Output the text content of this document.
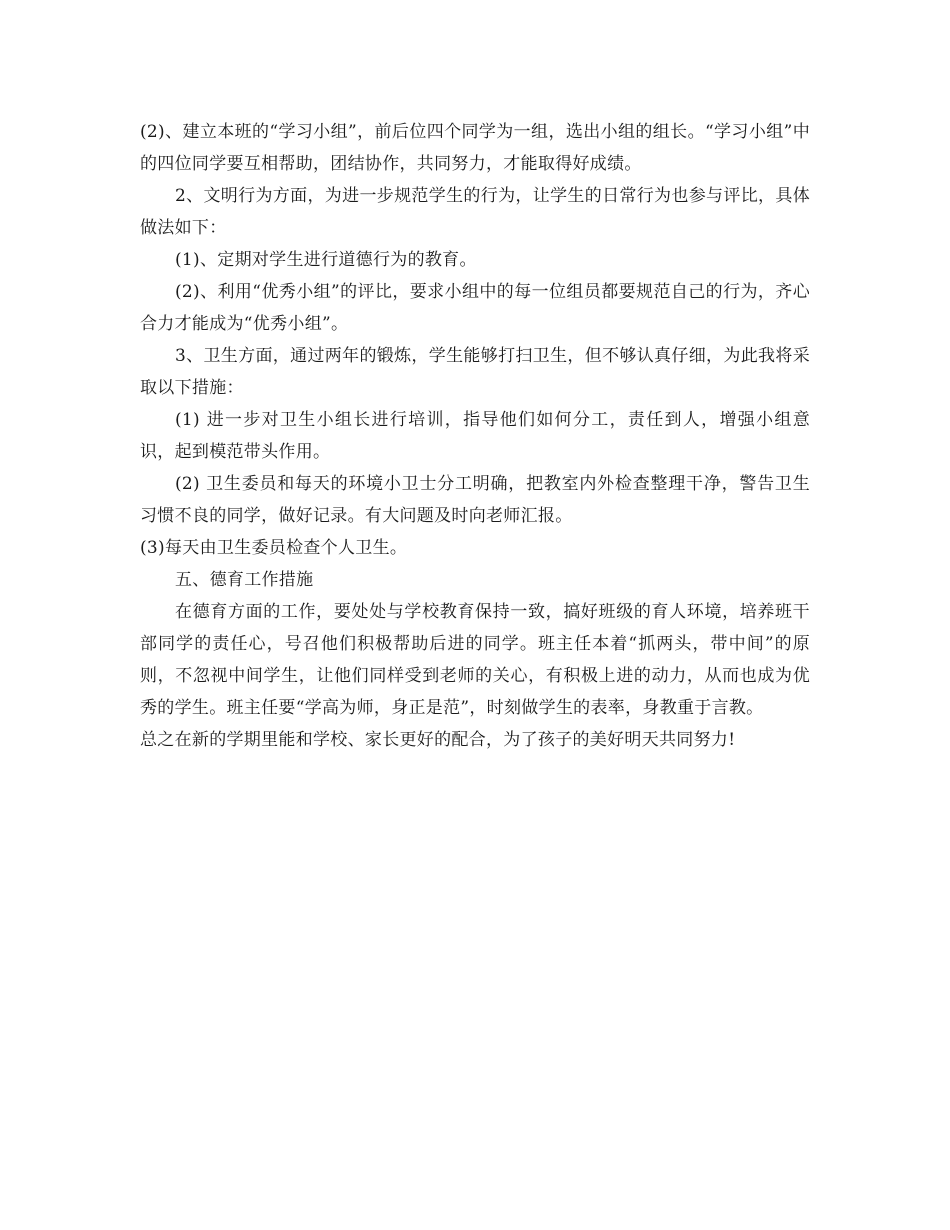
(2)、建立本班的“学习小组”，前后位四个同学为一组，选出小组的组长。“学习小组”中的四位同学要互相帮助，团结协作，共同努力，才能取得好成绩。

2、文明行为方面，为进一步规范学生的行为，让学生的日常行为也参与评比，具体做法如下：

(1)、定期对学生进行道德行为的教育。

(2)、利用“优秀小组”的评比，要求小组中的每一位组员都要规范自己的行为，齐心合力才能成为“优秀小组”。

3、卫生方面，通过两年的锻炼，学生能够打扫卫生，但不够认真仔细，为此我将采取以下措施：

(1) 进一步对卫生小组长进行培训，指导他们如何分工，责任到人，增强小组意识，起到模范带头作用。

(2) 卫生委员和每天的环境小卫士分工明确，把教室内外检查整理干净，警告卫生习惯不良的同学，做好记录。有大问题及时向老师汇报。

(3)每天由卫生委员检查个人卫生。

五、德育工作措施

在德育方面的工作，要处处与学校教育保持一致，搞好班级的育人环境，培养班干部同学的责任心，号召他们积极帮助后进的同学。班主任本着“抓两头，带中间”的原则，不忽视中间学生，让他们同样受到老师的关心，有积极上进的动力，从而也成为优秀的学生。班主任要“学高为师，身正是范”，时刻做学生的表率，身教重于言教。

总之在新的学期里能和学校、家长更好的配合，为了孩子的美好明天共同努力!
